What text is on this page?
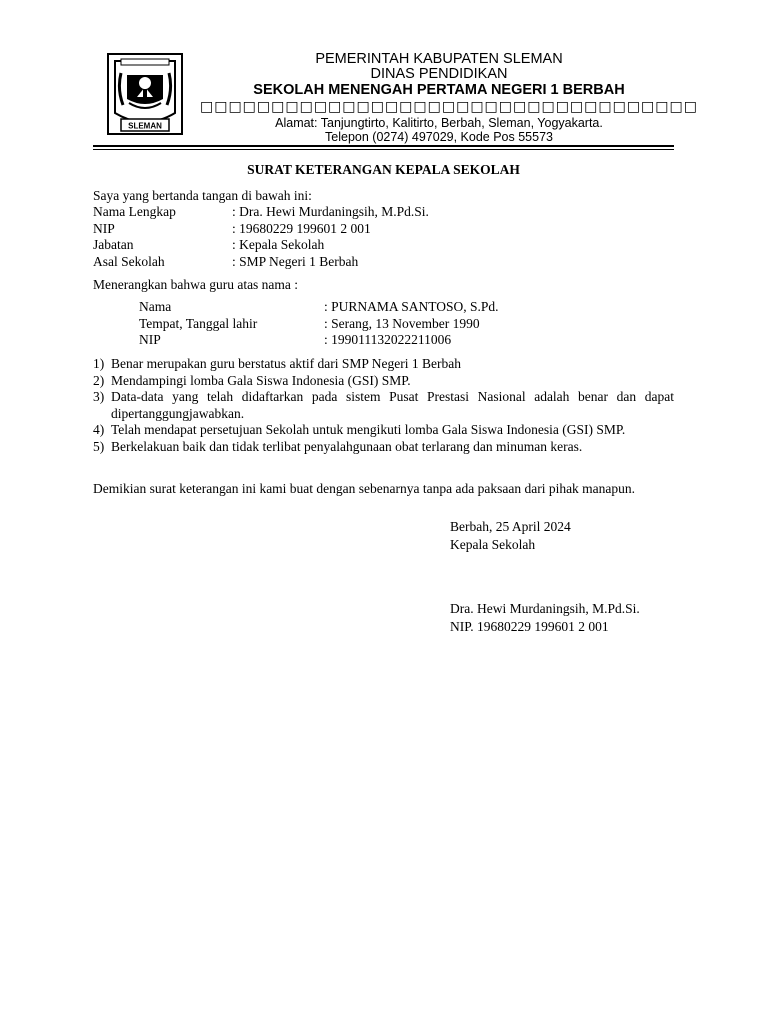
SLEMAN
PEMERINTAH KABUPATEN SLEMAN
DINAS PENDIDIKAN
SEKOLAH MENENGAH PERTAMA NEGERI 1 BERBAH
□□□□□□□□□□□□□□□□□□□□□□□□□□□□□□□□□□□
Alamat: Tanjungtirto, Kalitirto, Berbah, Sleman, Yogyakarta.
Telepon (0274) 497029, Kode Pos 55573
SURAT KETERANGAN KEPALA SEKOLAH
Saya yang bertanda tangan di bawah ini:
Nama Lengkap	: Dra. Hewi Murdaningsih, M.Pd.Si.
NIP	: 19680229 199601 2 001
Jabatan	: Kepala Sekolah
Asal Sekolah	: SMP Negeri 1 Berbah
Menerangkan bahwa guru atas nama :
Nama	: PURNAMA SANTOSO, S.Pd.
Tempat, Tanggal lahir	: Serang, 13 November 1990
NIP	: 199011132022211006
1) Benar merupakan guru berstatus aktif dari SMP Negeri 1 Berbah
2) Mendampingi lomba Gala Siswa Indonesia (GSI) SMP.
3) Data-data yang telah didaftarkan pada sistem Pusat Prestasi Nasional adalah benar dan dapat dipertanggungjawabkan.
4) Telah mendapat persetujuan Sekolah untuk mengikuti lomba Gala Siswa Indonesia (GSI) SMP.
5) Berkelakuan baik dan tidak terlibat penyalahgunaan obat terlarang dan minuman keras.
Demikian surat keterangan ini kami buat dengan sebenarnya tanpa ada paksaan dari pihak manapun.
Berbah, 25 April 2024
Kepala Sekolah
Dra. Hewi Murdaningsih, M.Pd.Si.
NIP. 19680229 199601 2 001
